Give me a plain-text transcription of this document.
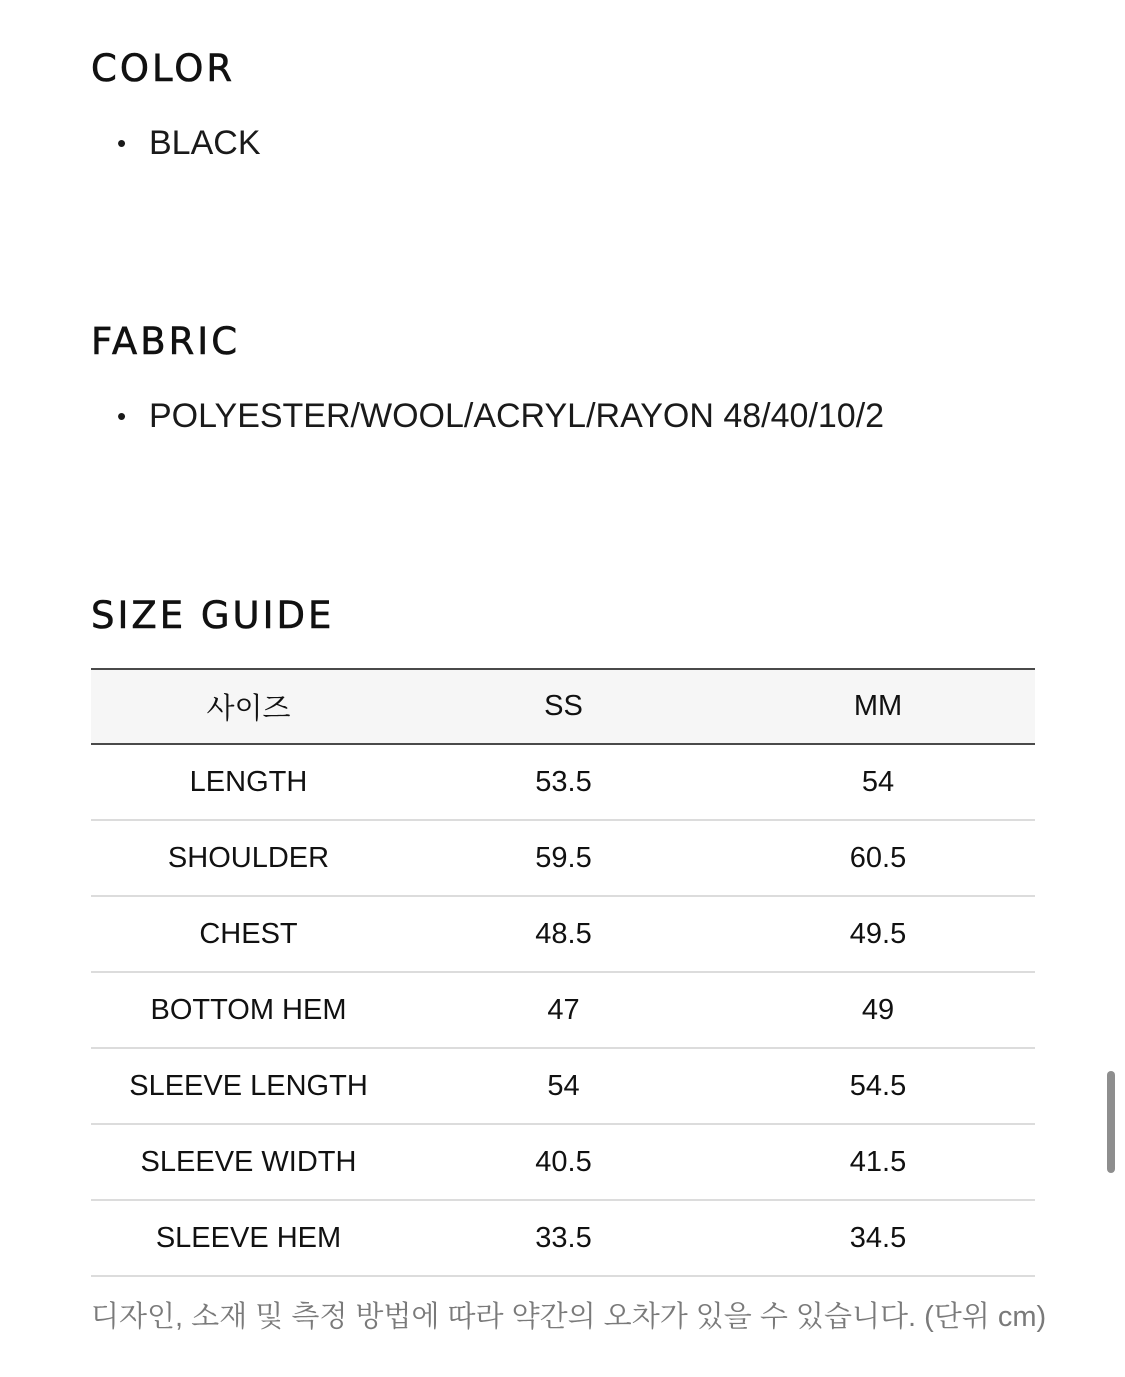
COLOR
• BLACK
FABRIC
• POLYESTER/WOOL/ACRYL/RAYON 48/40/10/2
SIZE GUIDE
사이즈	SS	MM
LENGTH	53.5	54
SHOULDER	59.5	60.5
CHEST	48.5	49.5
BOTTOM HEM	47	49
SLEEVE LENGTH	54	54.5
SLEEVE WIDTH	40.5	41.5
SLEEVE HEM	33.5	34.5
디자인, 소재 및 측정 방법에 따라 약간의 오차가 있을 수 있습니다. (단위 cm)
